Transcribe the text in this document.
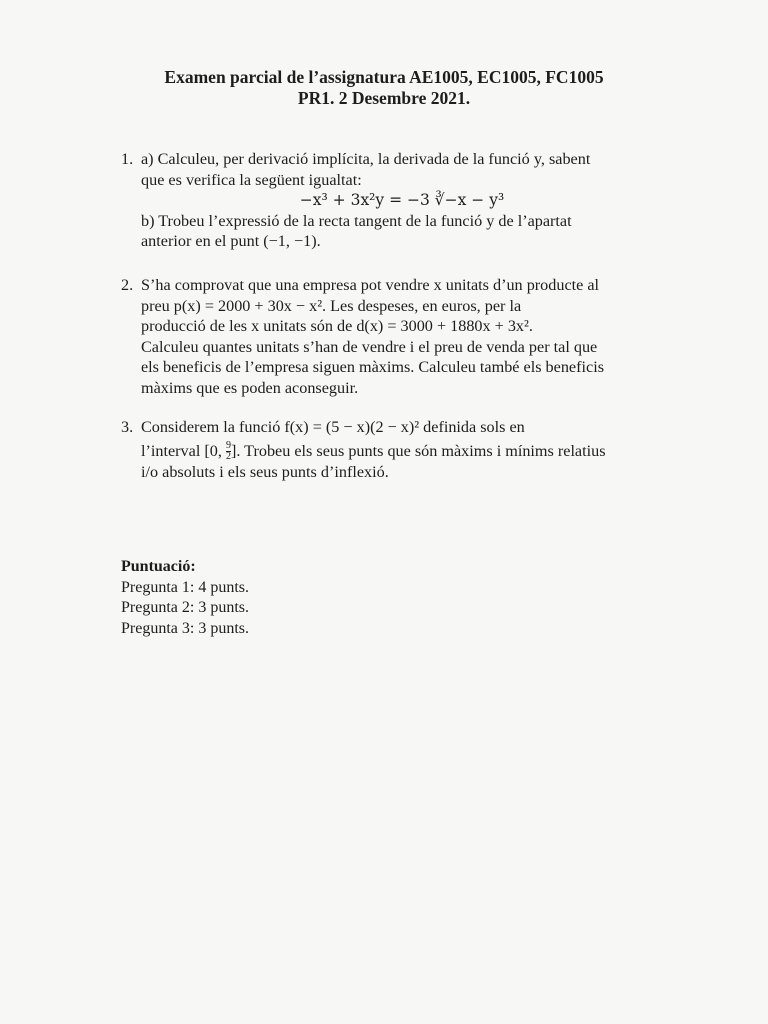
Examen parcial de l’assignatura AE1005, EC1005, FC1005
PR1. 2 Desembre 2021.
1. a) Calculeu, per derivació implícita, la derivada de la funció y, sabent
que es verifica la següent igualtat:
−x³ + 3x²y = −3 ∛−x − y³
b) Trobeu l’expressió de la recta tangent de la funció y de l’apartat
anterior en el punt (−1, −1).
2. S’ha comprovat que una empresa pot vendre x unitats d’un producte al
preu p(x) = 2000 + 30x − x². Les despeses, en euros, per la
producció de les x unitats són de d(x) = 3000 + 1880x + 3x².
Calculeu quantes unitats s’han de vendre i el preu de venda per tal que
els beneficis de l’empresa siguen màxims. Calculeu també els beneficis
màxims que es poden aconseguir.
3. Considerem la funció f(x) = (5 − x)(2 − x)² definida sols en
l’interval [0, $\frac{9}{2}$ ]. Trobeu els seus punts que són màxims i mínims relatius
i/o absoluts i els seus punts d’inflexió.
Puntuació:
Pregunta 1: 4 punts.
Pregunta 2: 3 punts.
Pregunta 3: 3 punts.
